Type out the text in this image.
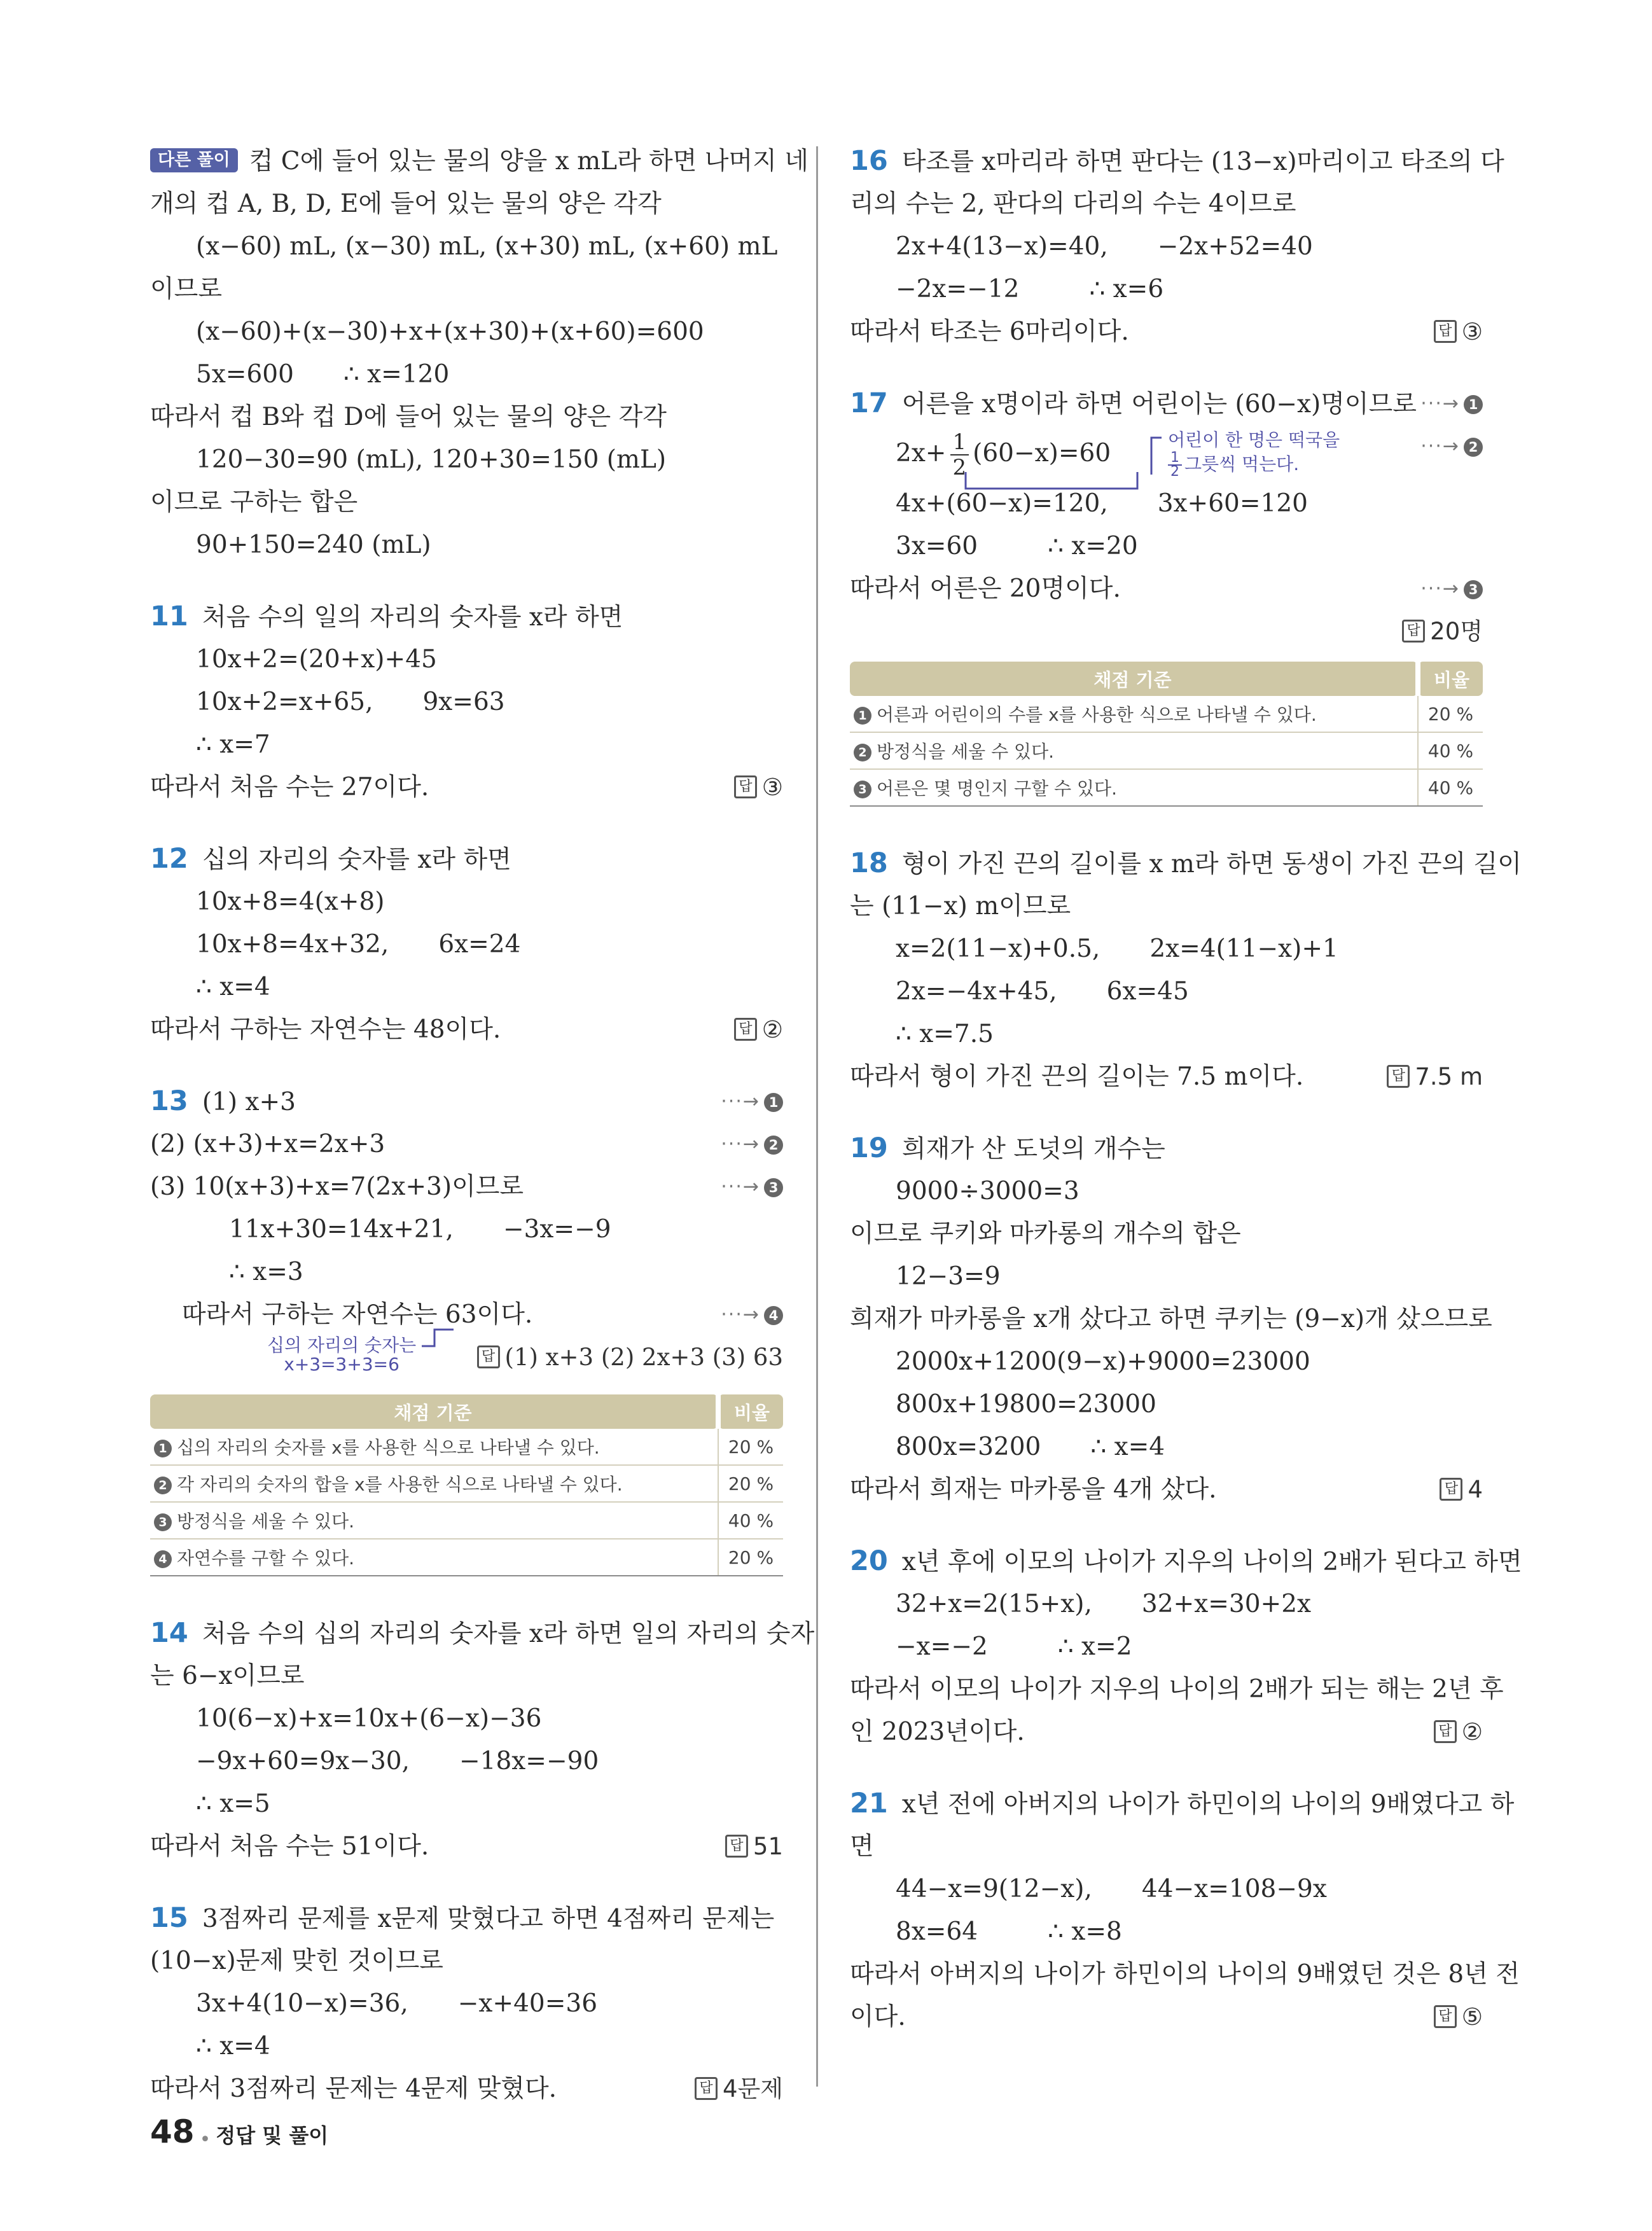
다른 풀이 컵 C에 들어 있는 물의 양을 x mL라 하면 나머지 네
개의 컵 A, B, D, E에 들어 있는 물의 양은 각각
(x−60) mL, (x−30) mL, (x+30) mL, (x+60) mL
이므로
(x−60)+(x−30)+x+(x+30)+(x+60)=600
5x=600 ∴ x=120
따라서 컵 B와 컵 D에 들어 있는 물의 양은 각각
120−30=90 (mL), 120+30=150 (mL)
이므로 구하는 합은
90+150=240 (mL)
11 처음 수의 일의 자리의 숫자를 x라 하면
10x+2=(20+x)+45
10x+2=x+65, 9x=63
∴ x=7
따라서 처음 수는 27이다.	답 ③
12 십의 자리의 숫자를 x라 하면
10x+8=4(x+8)
10x+8=4x+32, 6x=24
∴ x=4
따라서 구하는 자연수는 48이다.	답 ②
13 (1) x+3	···→ 1
(2) (x+3)+x=2x+3	···→ 2
(3) 10(x+3)+x=7(2x+3)이므로	···→ 3
11x+30=14x+21, −3x=−9
∴ x=3
따라서 구하는 자연수는 63이다.	···→ 4
십의 자리의 숫자는
x+3=3+3=6	답 (1) x+3 (2) 2x+3 (3) 63
채점 기준	비율
1 십의 자리의 숫자를 x를 사용한 식으로 나타낼 수 있다.	20 %
2 각 자리의 숫자의 합을 x를 사용한 식으로 나타낼 수 있다.	20 %
3 방정식을 세울 수 있다.	40 %
4 자연수를 구할 수 있다.	20 %
14 처음 수의 십의 자리의 숫자를 x라 하면 일의 자리의 숫자
는 6−x이므로
10(6−x)+x=10x+(6−x)−36
−9x+60=9x−30, −18x=−90
∴ x=5
따라서 처음 수는 51이다.	답 51
15 3점짜리 문제를 x문제 맞혔다고 하면 4점짜리 문제는
(10−x)문제 맞힌 것이므로
3x+4(10−x)=36, −x+40=36
∴ x=4
따라서 3점짜리 문제는 4문제 맞혔다.	답 4문제
16 타조를 x마리라 하면 판다는 (13−x)마리이고 타조의 다
리의 수는 2, 판다의 다리의 수는 4이므로
2x+4(13−x)=40, −2x+52=40
−2x=−12	∴ x=6
따라서 타조는 6마리이다.	답 ③
17 어른을 x명이라 하면 어린이는 (60−x)명이므로 ···→ 1
$2x+ \frac{1}{2} (60-x)=60$	어린이 한 명은 떡국을
$\frac{1}{2}$ 그릇씩 먹는다.
···→ 2
4x+(60−x)=120, 3x+60=120
3x=60	∴ x=20
따라서 어른은 20명이다.	···→ 3
답 20명
채점 기준	비율
1 어른과 어린이의 수를 x를 사용한 식으로 나타낼 수 있다.	20 %
2 방정식을 세울 수 있다.	40 %
3 어른은 몇 명인지 구할 수 있다.	40 %
18 형이 가진 끈의 길이를 x m라 하면 동생이 가진 끈의 길이
는 (11−x) m이므로
x=2(11−x)+0.5, 2x=4(11−x)+1
2x=−4x+45, 6x=45
∴ x=7.5
따라서 형이 가진 끈의 길이는 7.5 m이다.	답 7.5 m
19 희재가 산 도넛의 개수는
9000÷3000=3
이므로 쿠키와 마카롱의 개수의 합은
12−3=9
희재가 마카롱을 x개 샀다고 하면 쿠키는 (9−x)개 샀으므로
2000x+1200(9−x)+9000=23000
800x+19800=23000
800x=3200 ∴ x=4
따라서 희재는 마카롱을 4개 샀다.	답 4
20 x년 후에 이모의 나이가 지우의 나이의 2배가 된다고 하면
32+x=2(15+x), 32+x=30+2x
−x=−2	∴ x=2
따라서 이모의 나이가 지우의 나이의 2배가 되는 해는 2년 후
인 2023년이다.	답 ②
21 x년 전에 아버지의 나이가 하민이의 나이의 9배였다고 하
면
44−x=9(12−x), 44−x=108−9x
8x=64	∴ x=8
따라서 아버지의 나이가 하민이의 나이의 9배였던 것은 8년 전
이다.	답 ⑤
48 • 정답 및 풀이
